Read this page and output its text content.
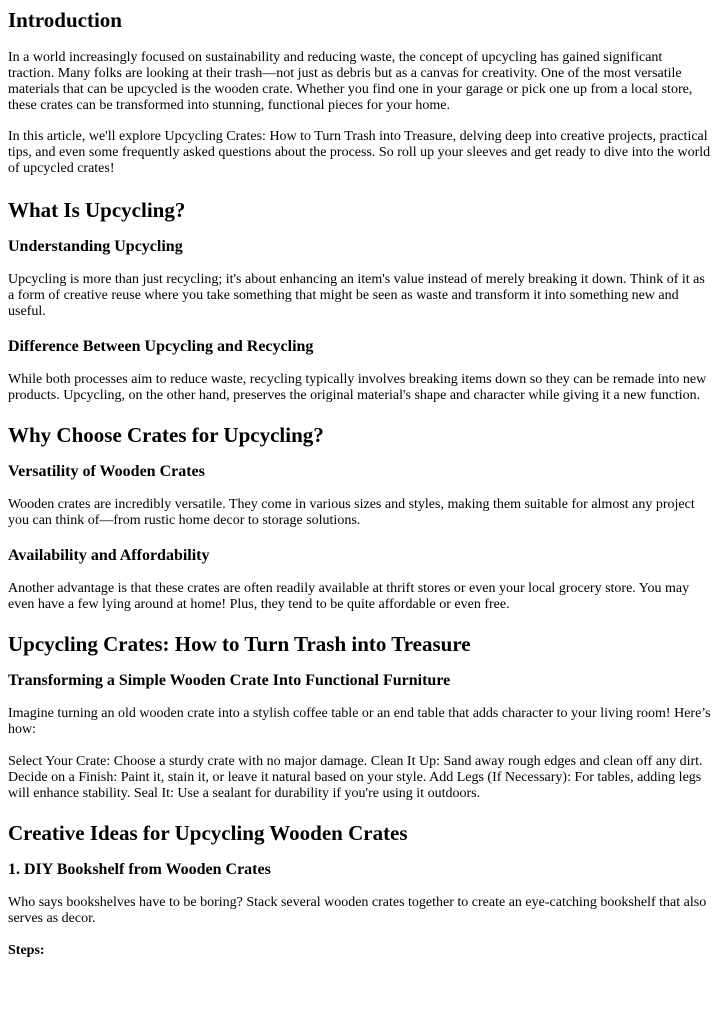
Introduction

In a world increasingly focused on sustainability and reducing waste, the concept of upcycling has gained significant traction. Many folks are looking at their trash—not just as debris but as a canvas for creativity. One of the most versatile materials that can be upcycled is the wooden crate. Whether you find one in your garage or pick one up from a local store, these crates can be transformed into stunning, functional pieces for your home.

In this article, we'll explore Upcycling Crates: How to Turn Trash into Treasure, delving deep into creative projects, practical tips, and even some frequently asked questions about the process. So roll up your sleeves and get ready to dive into the world of upcycled crates!

What Is Upcycling?
Understanding Upcycling

Upcycling is more than just recycling; it's about enhancing an item's value instead of merely breaking it down. Think of it as a form of creative reuse where you take something that might be seen as waste and transform it into something new and useful.

Difference Between Upcycling and Recycling

While both processes aim to reduce waste, recycling typically involves breaking items down so they can be remade into new products. Upcycling, on the other hand, preserves the original material's shape and character while giving it a new function.

Why Choose Crates for Upcycling?
Versatility of Wooden Crates

Wooden crates are incredibly versatile. They come in various sizes and styles, making them suitable for almost any project you can think of—from rustic home decor to storage solutions.

Availability and Affordability

Another advantage is that these crates are often readily available at thrift stores or even your local grocery store. You may even have a few lying around at home! Plus, they tend to be quite affordable or even free.

Upcycling Crates: How to Turn Trash into Treasure
Transforming a Simple Wooden Crate Into Functional Furniture

Imagine turning an old wooden crate into a stylish coffee table or an end table that adds character to your living room! Here’s how:

Select Your Crate: Choose a sturdy crate with no major damage. Clean It Up: Sand away rough edges and clean off any dirt. Decide on a Finish: Paint it, stain it, or leave it natural based on your style. Add Legs (If Necessary): For tables, adding legs will enhance stability. Seal It: Use a sealant for durability if you're using it outdoors.

Creative Ideas for Upcycling Wooden Crates
1. DIY Bookshelf from Wooden Crates

Who says bookshelves have to be boring? Stack several wooden crates together to create an eye-catching bookshelf that also serves as decor.

Steps:
